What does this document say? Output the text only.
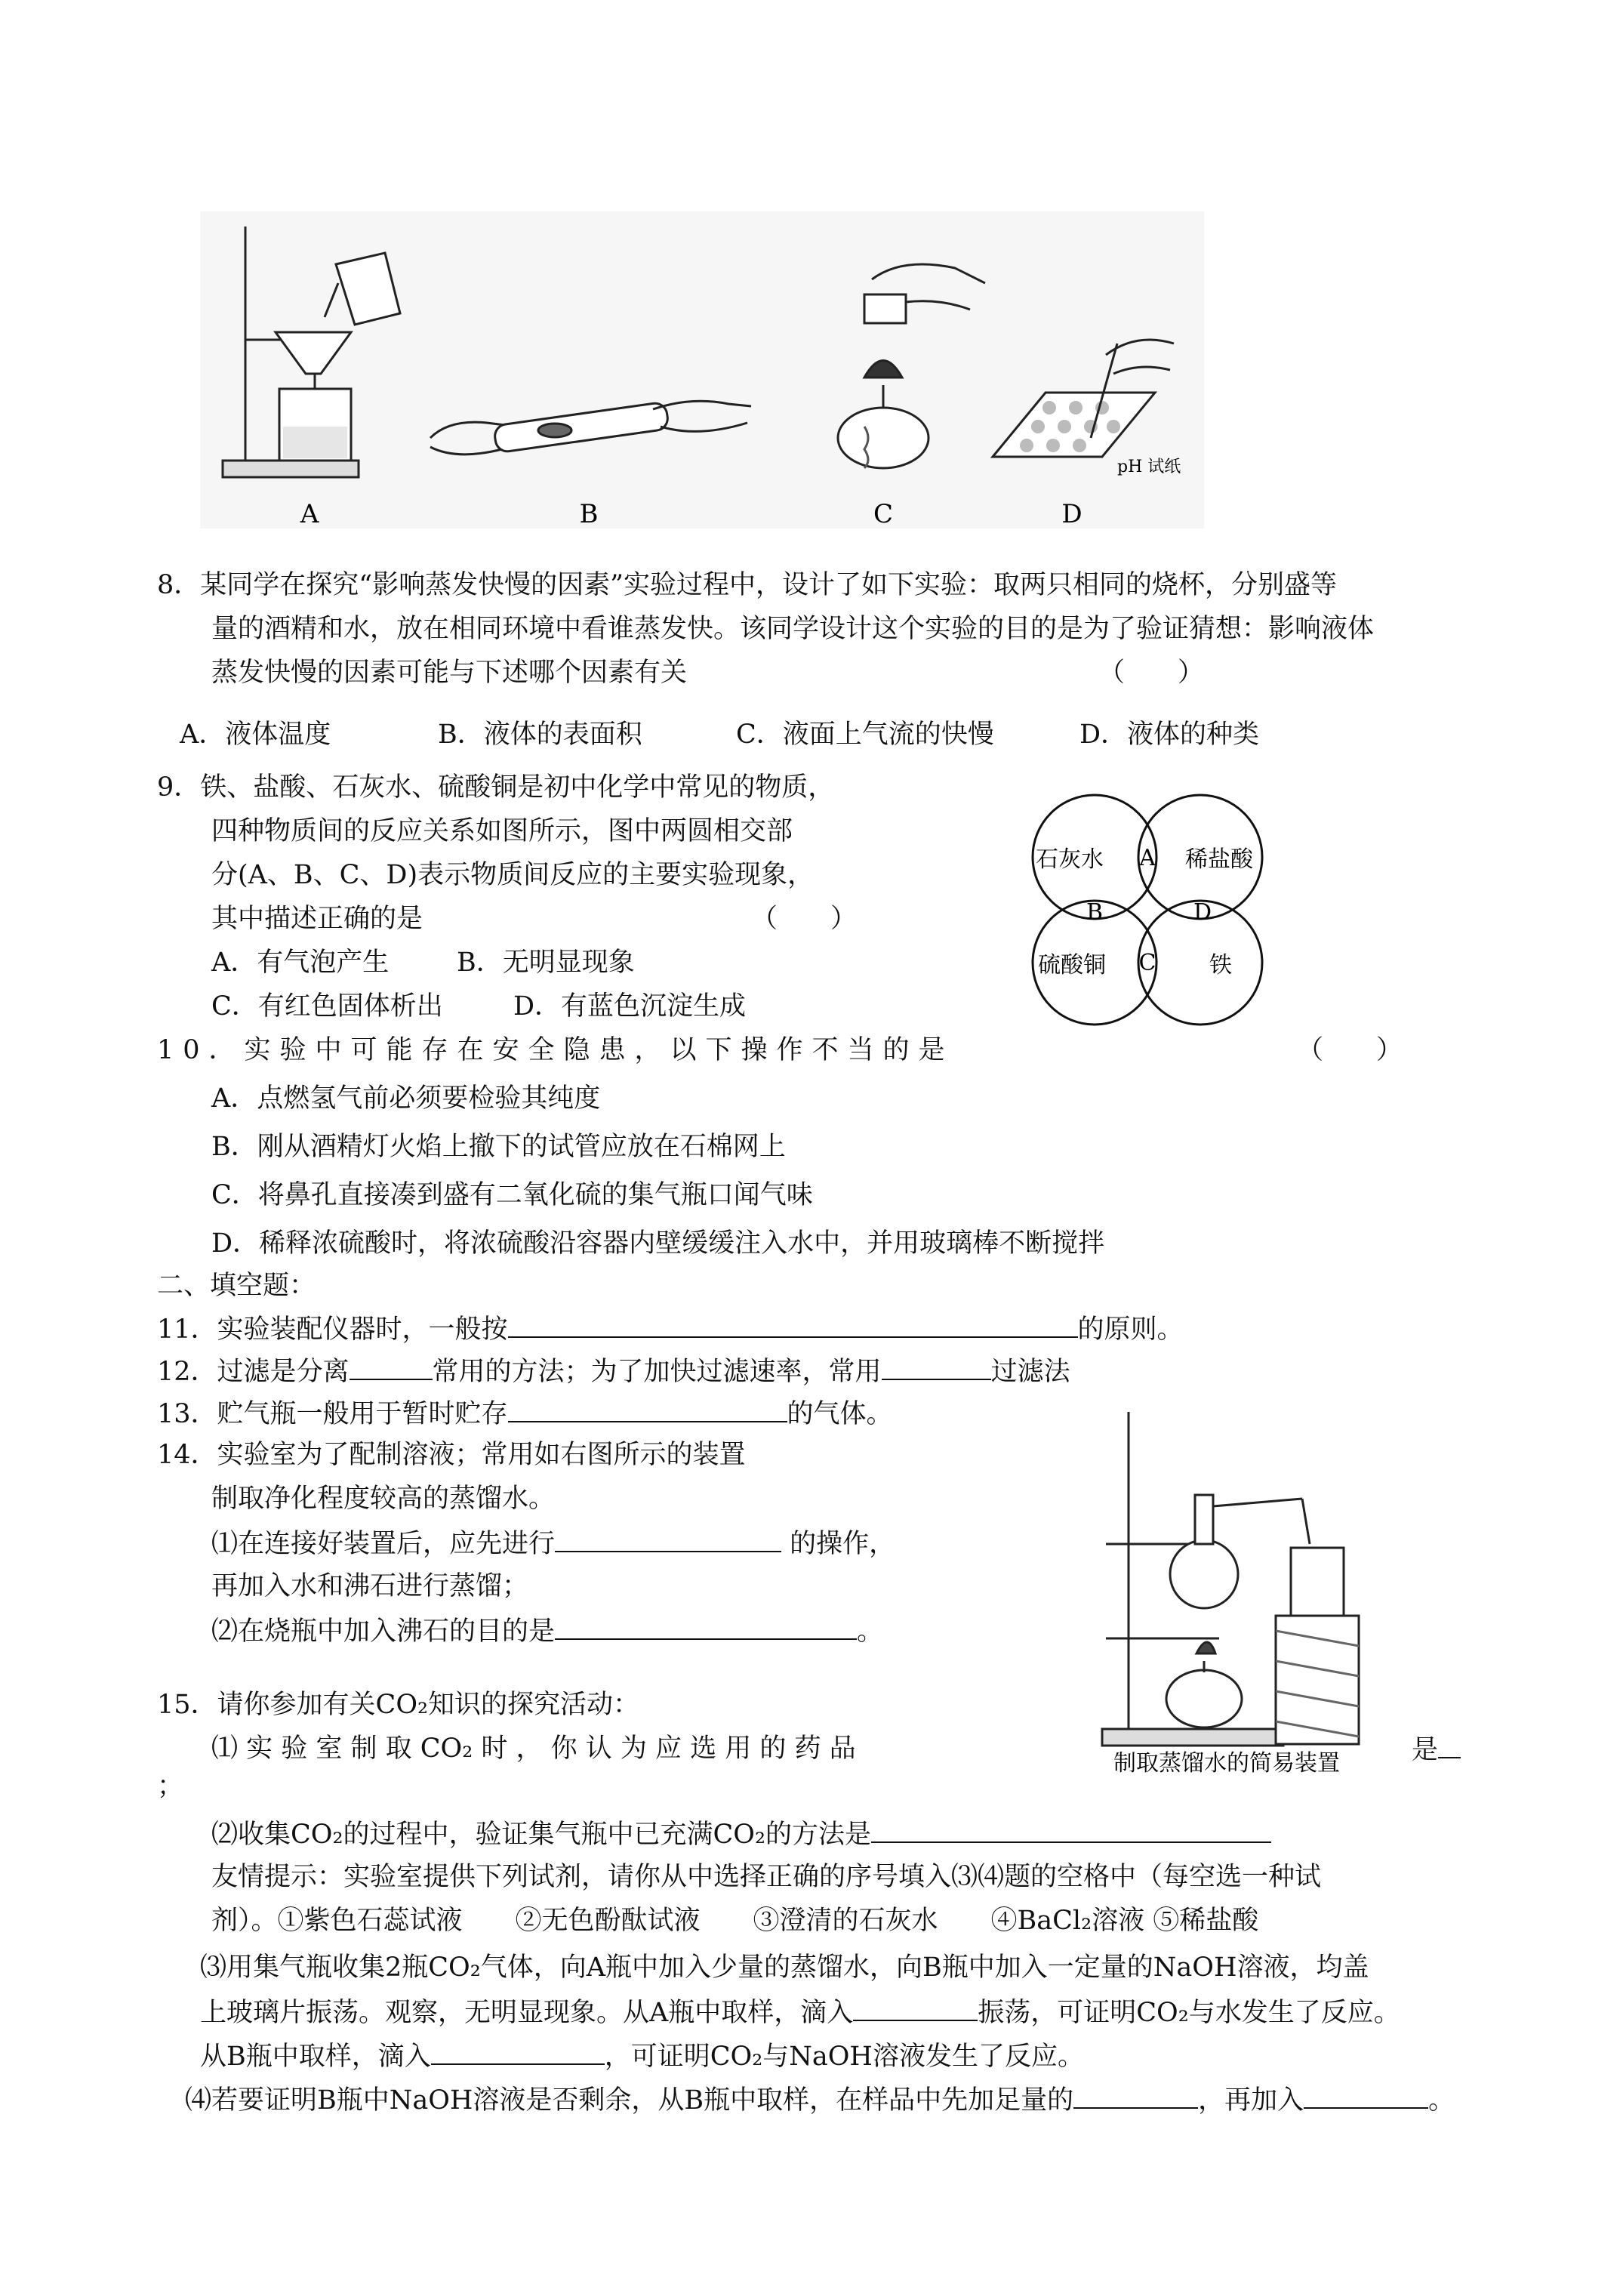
pH 试纸
A	B	C	D
8．某同学在探究“影响蒸发快慢的因素”实验过程中，设计了如下实验：取两只相同的烧杯，分别盛等
量的酒精和水，放在相同环境中看谁蒸发快。该同学设计这个实验的目的是为了验证猜想：影响液体
蒸发快慢的因素可能与下述哪个因素有关	（　　）
A．液体温度	B．液体的表面积	C．液面上气流的快慢	D．液体的种类
9．铁、盐酸、石灰水、硫酸铜是初中化学中常见的物质，
四种物质间的反应关系如图所示，图中两圆相交部
分(A、B、C、D)表示物质间反应的主要实验现象，
其中描述正确的是	（　　）
A．有气泡产生	B．无明显现象
C．有红色固体析出	D．有蓝色沉淀生成
石灰水	稀盐酸
硫酸铜	铁
A
B
C
D
10．实验中可能存在安全隐患，以下操作不当的是	（　　）
A．点燃氢气前必须要检验其纯度
B．刚从酒精灯火焰上撤下的试管应放在石棉网上
C．将鼻孔直接凑到盛有二氧化硫的集气瓶口闻气味
D．稀释浓硫酸时，将浓硫酸沿容器内壁缓缓注入水中，并用玻璃棒不断搅拌
二、填空题：
11．实验装配仪器时，一般按	的原则。
12．过滤是分离	常用的方法；为了加快过滤速率，常用	过滤法
13．贮气瓶一般用于暂时贮存	的气体。
14．实验室为了配制溶液；常用如右图所示的装置
制取净化程度较高的蒸馏水。
⑴在连接好装置后，应先进行	的操作，
再加入水和沸石进行蒸馏；
⑵在烧瓶中加入沸石的目的是	。
制取蒸馏水的简易装置
15．请你参加有关CO₂知识的探究活动：
⑴ 实 验 室 制 取 CO₂ 时 ， 你 认 为 应 选 用 的 药 品	是
；
⑵收集CO₂的过程中，验证集气瓶中已充满CO₂的方法是
友情提示：实验室提供下列试剂，请你从中选择正确的序号填入⑶⑷题的空格中（每空选一种试
剂）。①紫色石蕊试液　　②无色酚酞试液　　③澄清的石灰水　　④BaCl₂溶液 ⑤稀盐酸
⑶用集气瓶收集2瓶CO₂气体，向A瓶中加入少量的蒸馏水，向B瓶中加入一定量的NaOH溶液，均盖
上玻璃片振荡。观察，无明显现象。从A瓶中取样，滴入	振荡，可证明CO₂与水发生了反应。
从B瓶中取样，滴入	，可证明CO₂与NaOH溶液发生了反应。
⑷若要证明B瓶中NaOH溶液是否剩余，从B瓶中取样，在样品中先加足量的	，再加入	。
